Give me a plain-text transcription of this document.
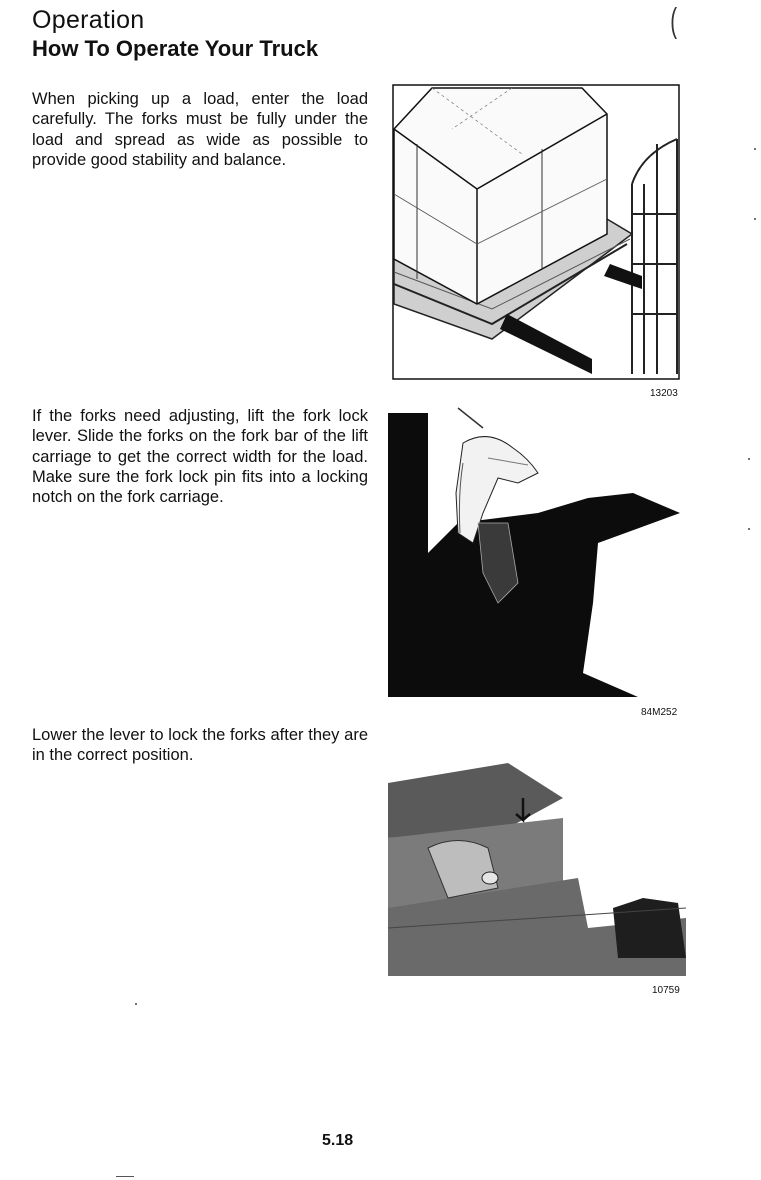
(
Operation
How To Operate Your Truck
When picking up a load, enter the load carefully. The forks must be fully under the load and spread as wide as possible to provide good stability and balance.
If the forks need adjusting, lift the fork lock lever. Slide the forks on the fork bar of the lift carriage to get the correct width for the load. Make sure the fork lock pin fits into a locking notch on the fork carriage.
Lower the lever to lock the forks after they are in the correct position.
13203
84M252
10759
5.18
